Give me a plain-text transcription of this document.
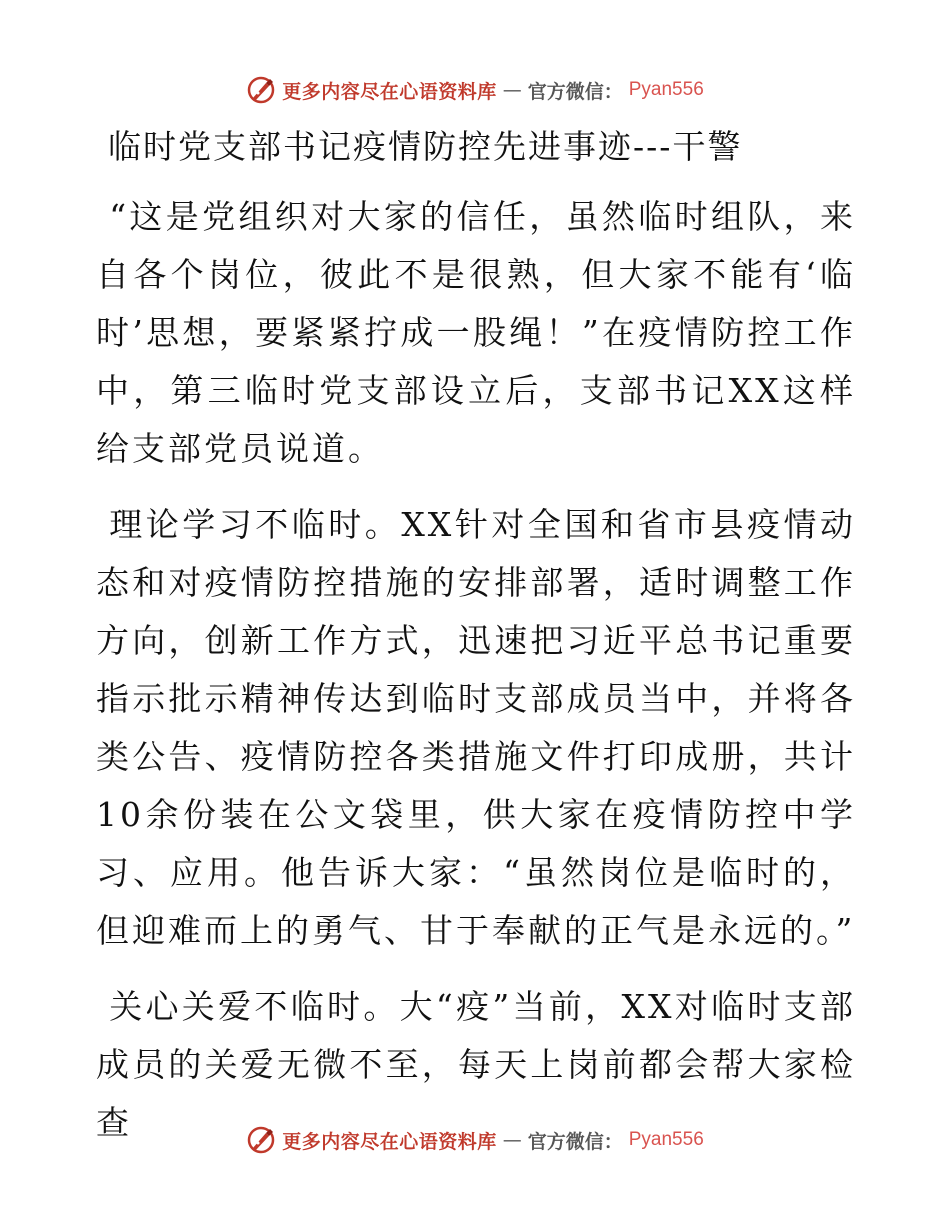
更多内容尽在心语资料库 — 官方微信： Pyan556
临时党支部书记疫情防控先进事迹---干警

“这是党组织对大家的信任，虽然临时组队，来自各个岗位，彼此不是很熟，但大家不能有‘临时’思想，要紧紧拧成一股绳！”在疫情防控工作中，第三临时党支部设立后，支部书记XX这样给支部党员说道。

理论学习不临时。XX针对全国和省市县疫情动态和对疫情防控措施的安排部署，适时调整工作方向，创新工作方式，迅速把习近平总书记重要指示批示精神传达到临时支部成员当中，并将各类公告、疫情防控各类措施文件打印成册，共计10余份装在公文袋里，供大家在疫情防控中学习、应用。他告诉大家：“虽然岗位是临时的，但迎难而上的勇气、甘于奉献的正气是永远的。”

关心关爱不临时。大“疫”当前，XX对临时支部成员的关爱无微不至，每天上岗前都会帮大家检查	更多内容尽在心语资料库 — 官方微信： Pyan556
